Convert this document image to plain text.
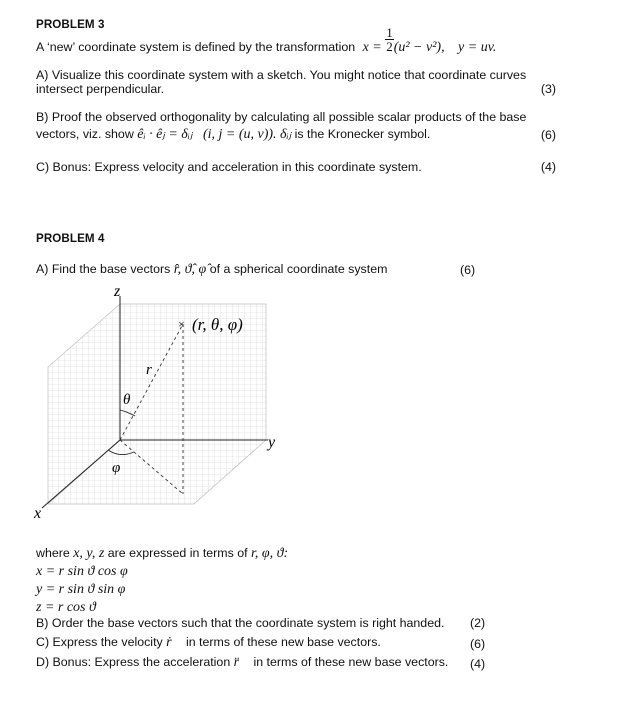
PROBLEM 3
A ‘new’ coordinate system is defined by the transformation $x = \frac{1}{2} (u^2 - v^2)$, y = uv.
A) Visualize this coordinate system with a sketch. You might notice that coordinate curves
intersect perpendicular.	(3)
B) Proof the observed orthogonality by calculating all possible scalar products of the base
vectors, viz. show êᵢ · êⱼ = δᵢⱼ   (i, j = (u, v)). δᵢⱼ is the Kronecker symbol.	(6)
C) Bonus: Express velocity and acceleration in this coordinate system.	(4)
PROBLEM 4
A) Find the base vectors r̂, ϑ̂, φ̂ of a spherical coordinate system	(6)
z
y
x
× (r, θ, φ)
r
θ
φ
where x, y, z are expressed in terms of r, φ, ϑ:
x = r sin ϑ cos φ
y = r sin ϑ sin φ
z = r cos ϑ
B) Order the base vectors such that the coordinate system is right handed. (2)
C) Express the velocity ṙ⃗ in terms of these new base vectors.	(6)
D) Bonus: Express the acceleration r̈⃗ in terms of these new base vectors. (4)
